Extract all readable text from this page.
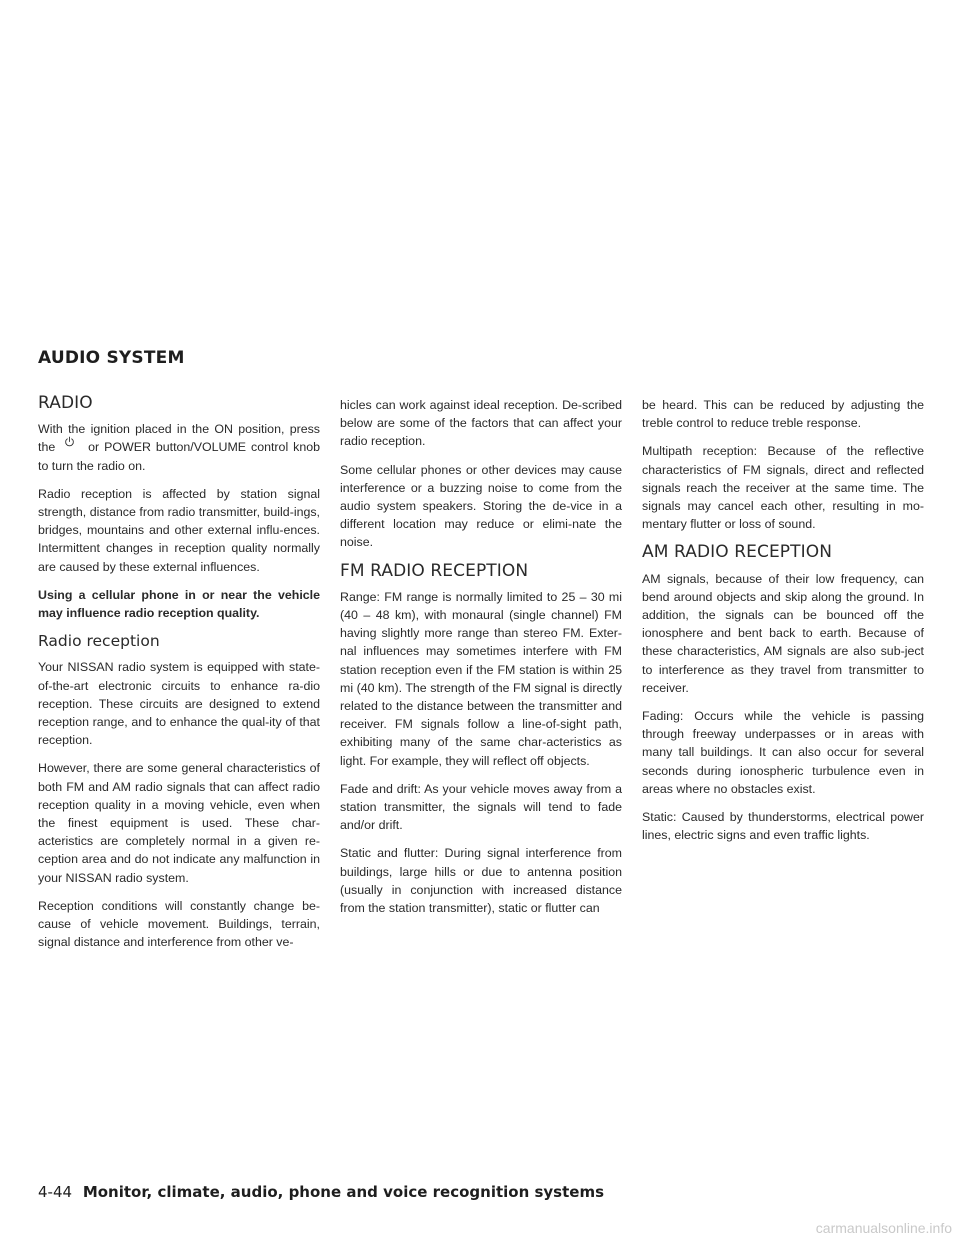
AUDIO SYSTEM
RADIO

With the ignition placed in the ON position, press the
or POWER button/VOLUME control knob to turn the radio on.

Radio reception is affected by station signal strength, distance from radio transmitter, build-ings, bridges, mountains and other external influ-ences. Intermittent changes in reception quality normally are caused by these external influences.

Using a cellular phone in or near the vehicle may influence radio reception quality.

Radio reception

Your NISSAN radio system is equipped with state-of-the-art electronic circuits to enhance ra-dio reception. These circuits are designed to extend reception range, and to enhance the qual-ity of that reception.

However, there are some general characteristics of both FM and AM radio signals that can affect radio reception quality in a moving vehicle, even when the finest equipment is used. These char-acteristics are completely normal in a given re-ception area and do not indicate any malfunction in your NISSAN radio system.

Reception conditions will constantly change be-cause of vehicle movement. Buildings, terrain, signal distance and interference from other ve-

hicles can work against ideal reception. De-scribed below are some of the factors that can affect your radio reception.

Some cellular phones or other devices may cause interference or a buzzing noise to come from the audio system speakers. Storing the de-vice in a different location may reduce or elimi-nate the noise.

FM RADIO RECEPTION

Range: FM range is normally limited to 25 – 30 mi (40 – 48 km), with monaural (single channel) FM having slightly more range than stereo FM. Exter-nal influences may sometimes interfere with FM station reception even if the FM station is within 25 mi (40 km). The strength of the FM signal is directly related to the distance between the transmitter and receiver. FM signals follow a line-of-sight path, exhibiting many of the same char-acteristics as light. For example, they will reflect off objects.

Fade and drift: As your vehicle moves away from a station transmitter, the signals will tend to fade and/or drift.

Static and flutter: During signal interference from buildings, large hills or due to antenna position (usually in conjunction with increased distance from the station transmitter), static or flutter can

be heard. This can be reduced by adjusting the treble control to reduce treble response.

Multipath reception: Because of the reflective characteristics of FM signals, direct and reflected signals reach the receiver at the same time. The signals may cancel each other, resulting in mo-mentary flutter or loss of sound.

AM RADIO RECEPTION

AM signals, because of their low frequency, can bend around objects and skip along the ground. In addition, the signals can be bounced off the ionosphere and bent back to earth. Because of these characteristics, AM signals are also sub-ject to interference as they travel from transmitter to receiver.

Fading: Occurs while the vehicle is passing through freeway underpasses or in areas with many tall buildings. It can also occur for several seconds during ionospheric turbulence even in areas where no obstacles exist.

Static: Caused by thunderstorms, electrical power lines, electric signs and even traffic lights.

4-44 Monitor, climate, audio, phone and voice recognition systems
carmanualsonline.info
